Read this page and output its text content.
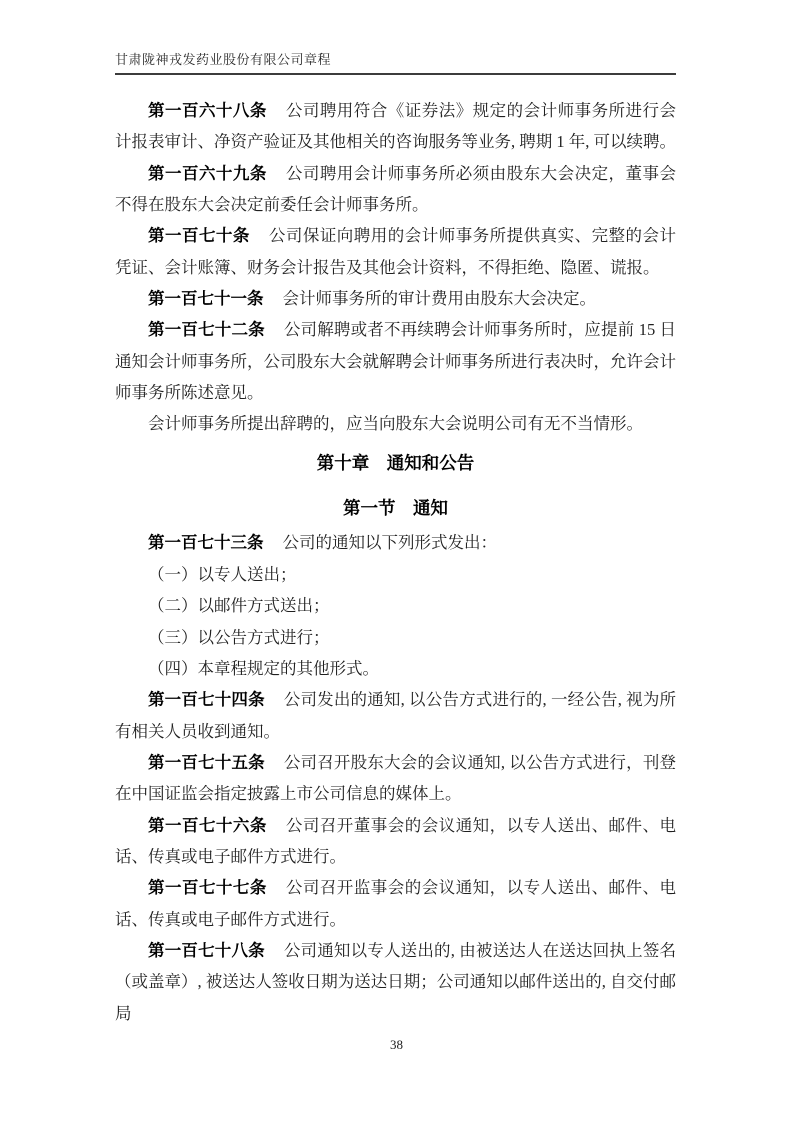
甘肃陇神戎发药业股份有限公司章程

第一百六十八条 公司聘用符合《证券法》规定的会计师事务所进行会计报表审计、净资产验证及其他相关的咨询服务等业务, 聘期 1 年, 可以续聘。

第一百六十九条 公司聘用会计师事务所必须由股东大会决定，董事会不得在股东大会决定前委任会计师事务所。

第一百七十条 公司保证向聘用的会计师事务所提供真实、完整的会计凭证、会计账簿、财务会计报告及其他会计资料，不得拒绝、隐匿、谎报。

第一百七十一条 会计师事务所的审计费用由股东大会决定。

第一百七十二条 公司解聘或者不再续聘会计师事务所时，应提前 15 日通知会计师事务所，公司股东大会就解聘会计师事务所进行表决时，允许会计师事务所陈述意见。

会计师事务所提出辞聘的，应当向股东大会说明公司有无不当情形。

第十章　通知和公告

第一节　通知

第一百七十三条 公司的通知以下列形式发出：

（一）以专人送出；

（二）以邮件方式送出；

（三）以公告方式进行；

（四）本章程规定的其他形式。

第一百七十四条 公司发出的通知, 以公告方式进行的, 一经公告, 视为所有相关人员收到通知。

第一百七十五条 公司召开股东大会的会议通知, 以公告方式进行，刊登在中国证监会指定披露上市公司信息的媒体上。

第一百七十六条 公司召开董事会的会议通知，以专人送出、邮件、电话、传真或电子邮件方式进行。

第一百七十七条 公司召开监事会的会议通知，以专人送出、邮件、电话、传真或电子邮件方式进行。

第一百七十八条 公司通知以专人送出的, 由被送达人在送达回执上签名（或盖章）, 被送达人签收日期为送达日期；公司通知以邮件送出的, 自交付邮局

38
